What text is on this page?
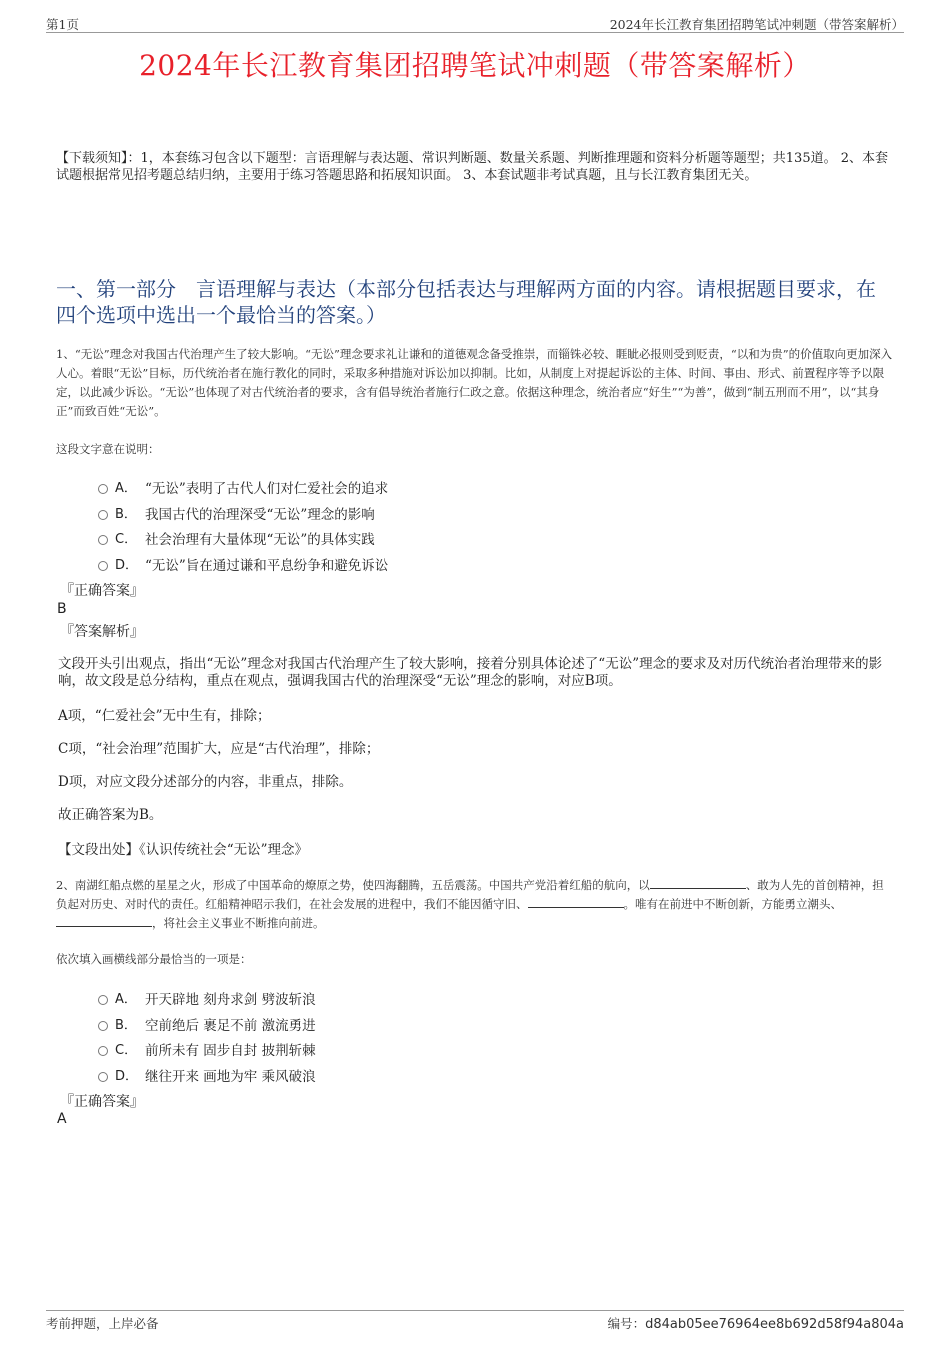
第1页	2024年长江教育集团招聘笔试冲刺题（带答案解析）
2024年长江教育集团招聘笔试冲刺题（带答案解析）
【下载须知】：1，本套练习包含以下题型：言语理解与表达题、常识判断题、数量关系题、判断推理题和资料分析题等题型；共135道。 2、本套试题根据常见招考题总结归纳，主要用于练习答题思路和拓展知识面。 3、本套试题非考试真题，且与长江教育集团无关。
一、第一部分　言语理解与表达（本部分包括表达与理解两方面的内容。请根据题目要求，在四个选项中选出一个最恰当的答案。）
1、“无讼”理念对我国古代治理产生了较大影响。“无讼”理念要求礼让谦和的道德观念备受推崇，而锱铢必较、睚眦必报则受到贬责，“以和为贵”的价值取向更加深入人心。着眼“无讼”目标，历代统治者在施行教化的同时，采取多种措施对诉讼加以抑制。比如，从制度上对提起诉讼的主体、时间、事由、形式、前置程序等予以限定，以此减少诉讼。“无讼”也体现了对古代统治者的要求，含有倡导统治者施行仁政之意。依据这种理念，统治者应“好生”“为善”，做到“制五刑而不用”，以“其身正”而致百姓“无讼”。
这段文字意在说明：
A． “无讼”表明了古代人们对仁爱社会的追求
B． 我国古代的治理深受“无讼”理念的影响
C． 社会治理有大量体现“无讼”的具体实践
D． “无讼”旨在通过谦和平息纷争和避免诉讼
『正确答案』
B
『答案解析』
文段开头引出观点，指出“无讼”理念对我国古代治理产生了较大影响，接着分别具体论述了“无讼”理念的要求及对历代统治者治理带来的影响，故文段是总分结构，重点在观点，强调我国古代的治理深受“无讼”理念的影响，对应B项。
A项，“仁爱社会”无中生有，排除；
C项，“社会治理”范围扩大，应是“古代治理”，排除；
D项，对应文段分述部分的内容，非重点，排除。
故正确答案为B。
【文段出处】《认识传统社会“无讼”理念》
2、南湖红船点燃的星星之火，形成了中国革命的燎原之势，使四海翻腾，五岳震荡。中国共产党沿着红船的航向，以	、敢为人先的首创精神，担负起对历史、对时代的责任。红船精神昭示我们，在社会发展的进程中，我们不能因循守旧、	。唯有在前进中不断创新，方能勇立潮头、，将社会主义事业不断推向前进。
依次填入画横线部分最恰当的一项是：
A． 开天辟地 刻舟求剑 劈波斩浪
B． 空前绝后 裹足不前 激流勇进
C． 前所未有 固步自封 披荆斩棘
D． 继往开来 画地为牢 乘风破浪
『正确答案』
A
考前押题，上岸必备	编号：d84ab05ee76964ee8b692d58f94a804a
